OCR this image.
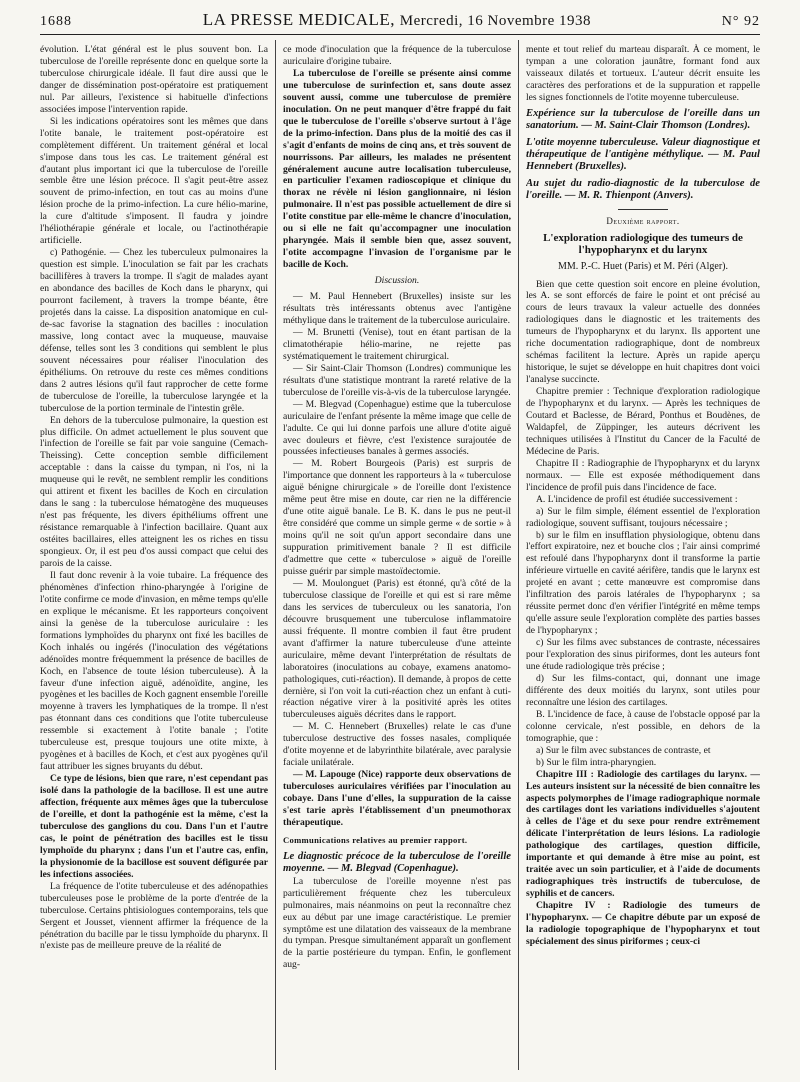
1688	LA PRESSE MEDICALE, Mercredi, 16 Novembre 1938	N° 92

évolution. L'état général est le plus souvent bon. La tuberculose de l'oreille représente donc en quelque sorte la tuberculose chirurgicale idéale. Il faut dire aussi que le danger de dissémination post-opératoire est pratiquement nul. Par ailleurs, l'existence si habituelle d'infections associées impose l'intervention rapide.

Si les indications opératoires sont les mêmes que dans l'otite banale, le traitement post-opératoire est complètement différent. Un traitement général et local s'impose dans tous les cas. Le traitement général est d'autant plus important ici que la tuberculose de l'oreille semble être une lésion précoce. Il s'agit peut-être assez souvent de primo-infection, en tout cas au moins d'une lésion proche de la primo-infection. La cure hélio-marine, la cure d'altitude s'imposent. Il faudra y joindre l'héliothérapie générale et locale, ou l'actinothérapie artificielle.

c) Pathogénie. — Chez les tuberculeux pulmonaires la question est simple. L'inoculation se fait par les crachats bacillifères à travers la trompe. Il s'agit de malades ayant en abondance des bacilles de Koch dans le pharynx, qui pourront facilement, à travers la trompe béante, être projetés dans la caisse. La disposition anatomique en cul-de-sac favorise la stagnation des bacilles : inoculation massive, long contact avec la muqueuse, mauvaise défense, telles sont les 3 conditions qui semblent le plus souvent nécessaires pour réaliser l'inoculation des épithéliums. On retrouve du reste ces mêmes conditions dans 2 autres lésions qu'il faut rapprocher de cette forme de tuberculose de l'oreille, la tuberculose laryngée et la tuberculose de la portion terminale de l'intestin grêle.

En dehors de la tuberculose pulmonaire, la question est plus difficile. On admet actuellement le plus souvent que l'infection de l'oreille se fait par voie sanguine (Cemach-Theissing). Cette conception semble difficilement acceptable : dans la caisse du tympan, ni l'os, ni la muqueuse qui le revêt, ne semblent remplir les conditions qui attirent et fixent les bacilles de Koch en circulation dans le sang : la tuberculose hématogène des muqueuses n'est pas fréquente, les divers épithéliums offrent une résistance remarquable à l'infection bacillaire. Quant aux ostéites bacillaires, elles atteignent les os riches en tissu spongieux. Or, il est peu d'os aussi compact que celui des parois de la caisse.

Il faut donc revenir à la voie tubaire. La fréquence des phénomènes d'infection rhino-pharyngée à l'origine de l'otite confirme ce mode d'invasion, en même temps qu'elle en explique le mécanisme. Et les rapporteurs conçoivent ainsi la genèse de la tuberculose auriculaire : les formations lymphoïdes du pharynx ont fixé les bacilles de Koch inhalés ou ingérés (l'inoculation des végétations adénoïdes montre fréquemment la présence de bacilles de Koch, en l'absence de toute lésion tuberculeuse). À la faveur d'une infection aiguë, adénoïdite, angine, les pyogènes et les bacilles de Koch gagnent ensemble l'oreille moyenne à travers les lymphatiques de la trompe. Il n'est pas étonnant dans ces conditions que l'otite tuberculeuse ressemble si exactement à l'otite banale ; l'otite tuberculeuse est, presque toujours une otite mixte, à pyogènes et à bacilles de Koch, et c'est aux pyogènes qu'il faut attribuer les signes bruyants du début.

Ce type de lésions, bien que rare, n'est cependant pas isolé dans la pathologie de la bacillose. Il est une autre affection, fréquente aux mêmes âges que la tuberculose de l'oreille, et dont la pathogénie est la même, c'est la tuberculose des ganglions du cou. Dans l'un et l'autre cas, le point de pénétration des bacilles est le tissu lymphoïde du pharynx ; dans l'un et l'autre cas, enfin, la physionomie de la bacillose est souvent défigurée par les infections associées.

La fréquence de l'otite tuberculeuse et des adénopathies tuberculeuses pose le problème de la porte d'entrée de la tuberculose. Certains phtisiologues contemporains, tels que Sergent et Jousset, viennent affirmer la fréquence de la pénétration du bacille par le tissu lymphoïde du pharynx. Il n'existe pas de meilleure preuve de la réalité de

ce mode d'inoculation que la fréquence de la tuberculose auriculaire d'origine tubaire.

La tuberculose de l'oreille se présente ainsi comme une tuberculose de surinfection et, sans doute assez souvent aussi, comme une tuberculose de première inoculation. On ne peut manquer d'être frappé du fait que le tuberculose de l'oreille s'observe surtout à l'âge de la primo-infection. Dans plus de la moitié des cas il s'agit d'enfants de moins de cinq ans, et très souvent de nourrissons. Par ailleurs, les malades ne présentent généralement aucune autre localisation tuberculeuse, en particulier l'examen radioscopique et clinique du thorax ne révèle ni lésion ganglionnaire, ni lésion pulmonaire. Il n'est pas possible actuellement de dire si l'otite constitue par elle-même le chancre d'inoculation, ou si elle ne fait qu'accompagner une inoculation pharyngée. Mais il semble bien que, assez souvent, l'otite accompagne l'invasion de l'organisme par le bacille de Koch.

Discussion.

— M. Paul Hennebert (Bruxelles) insiste sur les résultats très intéressants obtenus avec l'antigène méthylique dans le traitement de la tuberculose auriculaire.

— M. Brunetti (Venise), tout en étant partisan de la climatothérapie hélio-marine, ne rejette pas systématiquement le traitement chirurgical.

— Sir Saint-Clair Thomson (Londres) communique les résultats d'une statistique montrant la rareté relative de la tuberculose de l'oreille vis-à-vis de la tuberculose laryngée.

— M. Blegvad (Copenhague) estime que la tuberculose auriculaire de l'enfant présente la même image que celle de l'adulte. Ce qui lui donne parfois une allure d'otite aiguë avec douleurs et fièvre, c'est l'existence surajoutée de poussées infectieuses banales à germes associés.

— M. Robert Bourgeois (Paris) est surpris de l'importance que donnent les rapporteurs à la « tuberculose aiguë bénigne chirurgicale » de l'oreille dont l'existence même peut être mise en doute, car rien ne la différencie d'une otite aiguë banale. Le B. K. dans le pus ne peut-il être considéré que comme un simple germe « de sortie » à moins qu'il ne soit qu'un apport secondaire dans une suppuration primitivement banale ? Il est difficile d'admettre que cette « tuberculose » aiguë de l'oreille puisse guérir par simple mastoïdectomie.

— M. Moulonguet (Paris) est étonné, qu'à côté de la tuberculose classique de l'oreille et qui est si rare même dans les services de tuberculeux ou les sanatoria, l'on découvre brusquement une tuberculose inflammatoire aussi fréquente. Il montre combien il faut être prudent avant d'affirmer la nature tuberculeuse d'une atteinte auriculaire, même devant l'interprétation de résultats de laboratoires (inoculations au cobaye, examens anatomo-pathologiques, cuti-réaction). Il demande, à propos de cette dernière, si l'on voit la cuti-réaction chez un enfant à cuti-réaction négative virer à la positivité après les otites tuberculeuses aiguës décrites dans le rapport.

— M. C. Hennebert (Bruxelles) relate le cas d'une tuberculose destructive des fosses nasales, compliquée d'otite moyenne et de labyrinthite bilatérale, avec paralysie faciale unilatérale.

— M. Lapouge (Nice) rapporte deux observations de tuberculoses auriculaires vérifiées par l'inoculation au cobaye. Dans l'une d'elles, la suppuration de la caisse s'est tarie après l'établissement d'un pneumothorax thérapeutique.

Communications relatives au premier rapport.

Le diagnostic précoce de la tuberculose de l'oreille moyenne. — M. Blegvad (Copenhague).

La tuberculose de l'oreille moyenne n'est pas particulièrement fréquente chez les tuberculeux pulmonaires, mais néanmoins on peut la reconnaître chez eux au début par une image caractéristique. Le premier symptôme est une dilatation des vaisseaux de la membrane du tympan. Presque simultanément apparaît un gonflement de la partie postérieure du tympan. Enfin, le gonflement aug-

mente et tout relief du marteau disparaît. À ce moment, le tympan a une coloration jaunâtre, formant fond aux vaisseaux dilatés et tortueux. L'auteur décrit ensuite les caractères des perforations et de la suppuration et rappelle les signes fonctionnels de l'otite moyenne tuberculeuse.

Expérience sur la tuberculose de l'oreille dans un sanatorium. — M. Saint-Clair Thomson (Londres).

L'otite moyenne tuberculeuse. Valeur diagnostique et thérapeutique de l'antigène méthylique. — M. Paul Hennebert (Bruxelles).

Au sujet du radio-diagnostic de la tuberculose de l'oreille. — M. R. Thienpont (Anvers).

Deuxième rapport.

L'exploration radiologique des tumeurs de l'hypopharynx et du larynx

MM. P.-C. Huet (Paris) et M. Péri (Alger).

Bien que cette question soit encore en pleine évolution, les A. se sont efforcés de faire le point et ont précisé au cours de leurs travaux la valeur actuelle des données radiologiques dans le diagnostic et les traitements des tumeurs de l'hypopharynx et du larynx. Ils apportent une riche documentation radiographique, dont de nombreux schémas facilitent la lecture. Après un rapide aperçu historique, le sujet se développe en huit chapitres dont voici l'analyse succincte.

Chapitre premier : Technique d'exploration radiologique de l'hypopharynx et du larynx. — Après les techniques de Coutard et Baclesse, de Bérard, Ponthus et Boudènes, de Waldapfel, de Züppinger, les auteurs décrivent les techniques utilisées à l'Institut du Cancer de la Faculté de Médecine de Paris.

Chapitre II : Radiographie de l'hypopharynx et du larynx normaux. — Elle est exposée méthodiquement dans l'incidence de profil puis dans l'incidence de face.

A. L'incidence de profil est étudiée successivement :

a) Sur le film simple, élément essentiel de l'exploration radiologique, souvent suffisant, toujours nécessaire ;

b) sur le film en insufflation physiologique, obtenu dans l'effort expiratoire, nez et bouche clos ; l'air ainsi comprimé est refoulé dans l'hypopharynx dont il transforme la partie inférieure virtuelle en cavité aérifère, tandis que le larynx est projeté en avant ; cette manœuvre est compromise dans l'infiltration des parois latérales de l'hypopharynx ; sa réussite permet donc d'en vérifier l'intégrité en même temps qu'elle assure seule l'exploration complète des parties basses de l'hypopharynx ;

c) Sur les films avec substances de contraste, nécessaires pour l'exploration des sinus piriformes, dont les auteurs font une étude radiologique très précise ;

d) Sur les films-contact, qui, donnant une image différente des deux moitiés du larynx, sont utiles pour reconnaître une lésion des cartilages.

B. L'incidence de face, à cause de l'obstacle opposé par la colonne cervicale, n'est possible, en dehors de la tomographie, que :

a) Sur le film avec substances de contraste, et

b) Sur le film intra-pharyngien.

Chapitre III : Radiologie des cartilages du larynx. — Les auteurs insistent sur la nécessité de bien connaître les aspects polymorphes de l'image radiographique normale des cartilages dont les variations individuelles s'ajoutent à celles de l'âge et du sexe pour rendre extrêmement délicate l'interprétation de leurs lésions. La radiologie pathologique des cartilages, question difficile, importante et qui demande à être mise au point, est traitée avec un soin particulier, et à l'aide de documents radiographiques très instructifs de tuberculose, de syphilis et de cancers.

Chapitre IV : Radiologie des tumeurs de l'hypopharynx. — Ce chapitre débute par un exposé de la radiologie topographique de l'hypopharynx et tout spécialement des sinus piriformes ; ceux-ci
